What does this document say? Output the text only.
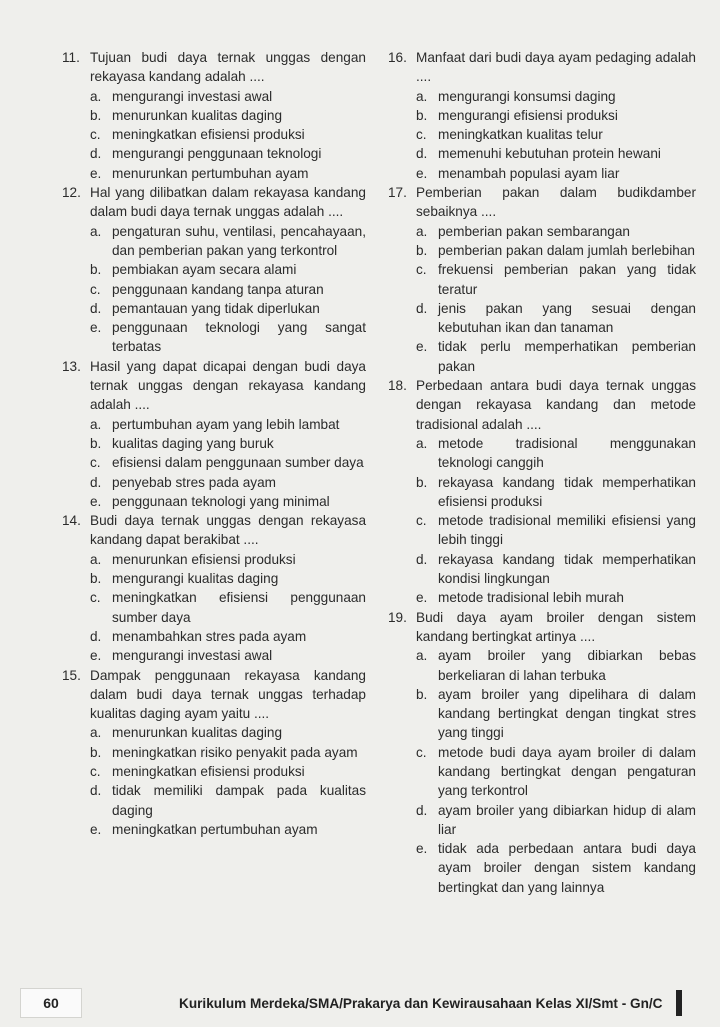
11. Tujuan budi daya ternak unggas dengan rekayasa kandang adalah ....
a. mengurangi investasi awal
b. menurunkan kualitas daging
c. meningkatkan efisiensi produksi
d. mengurangi penggunaan teknologi
e. menurunkan pertumbuhan ayam
12. Hal yang dilibatkan dalam rekayasa kandang dalam budi daya ternak unggas adalah ....
a. pengaturan suhu, ventilasi, pencahayaan, dan pemberian pakan yang terkontrol
b. pembiakan ayam secara alami
c. penggunaan kandang tanpa aturan
d. pemantauan yang tidak diperlukan
e. penggunaan teknologi yang sangat terbatas
13. Hasil yang dapat dicapai dengan budi daya ternak unggas dengan rekayasa kandang adalah ....
a. pertumbuhan ayam yang lebih lambat
b. kualitas daging yang buruk
c. efisiensi dalam penggunaan sumber daya
d. penyebab stres pada ayam
e. penggunaan teknologi yang minimal
14. Budi daya ternak unggas dengan rekayasa kandang dapat berakibat ....
a. menurunkan efisiensi produksi
b. mengurangi kualitas daging
c. meningkatkan efisiensi penggunaan sumber daya
d. menambahkan stres pada ayam
e. mengurangi investasi awal
15. Dampak penggunaan rekayasa kandang dalam budi daya ternak unggas terhadap kualitas daging ayam yaitu ....
a. menurunkan kualitas daging
b. meningkatkan risiko penyakit pada ayam
c. meningkatkan efisiensi produksi
d. tidak memiliki dampak pada kualitas daging
e. meningkatkan pertumbuhan ayam
16. Manfaat dari budi daya ayam pedaging adalah ....
a. mengurangi konsumsi daging
b. mengurangi efisiensi produksi
c. meningkatkan kualitas telur
d. memenuhi kebutuhan protein hewani
e. menambah populasi ayam liar
17. Pemberian pakan dalam budikdamber sebaiknya ....
a. pemberian pakan sembarangan
b. pemberian pakan dalam jumlah berlebihan
c. frekuensi pemberian pakan yang tidak teratur
d. jenis pakan yang sesuai dengan kebutuhan ikan dan tanaman
e. tidak perlu memperhatikan pemberian pakan
18. Perbedaan antara budi daya ternak unggas dengan rekayasa kandang dan metode tradisional adalah ....
a. metode tradisional menggunakan teknologi canggih
b. rekayasa kandang tidak memperhatikan efisiensi produksi
c. metode tradisional memiliki efisiensi yang lebih tinggi
d. rekayasa kandang tidak memperhatikan kondisi lingkungan
e. metode tradisional lebih murah
19. Budi daya ayam broiler dengan sistem kandang bertingkat artinya ....
a. ayam broiler yang dibiarkan bebas berkeliaran di lahan terbuka
b. ayam broiler yang dipelihara di dalam kandang bertingkat dengan tingkat stres yang tinggi
c. metode budi daya ayam broiler di dalam kandang bertingkat dengan pengaturan yang terkontrol
d. ayam broiler yang dibiarkan hidup di alam liar
e. tidak ada perbedaan antara budi daya ayam broiler dengan sistem kandang bertingkat dan yang lainnya
60	Kurikulum Merdeka/SMA/Prakarya dan Kewirausahaan Kelas XI/Smt - Gn/C
